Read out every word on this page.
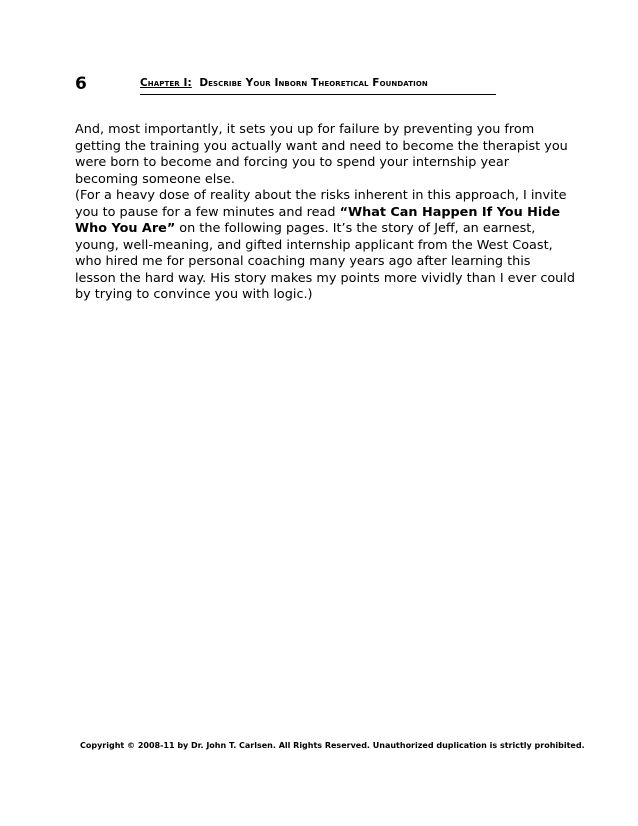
6	Chapter I: Describe Your Inborn Theoretical Foundation

And, most importantly, it sets you up for failure by preventing you from getting the training you actually want and need to become the therapist you were born to become and forcing you to spend your internship year becoming someone else.

(For a heavy dose of reality about the risks inherent in this approach, I invite you to pause for a few minutes and read “What Can Happen If You Hide Who You Are” on the following pages. It’s the story of Jeff, an earnest, young, well-meaning, and gifted internship applicant from the West Coast, who hired me for personal coaching many years ago after learning this lesson the hard way. His story makes my points more vividly than I ever could by trying to convince you with logic.)

Copyright © 2008-11 by Dr. John T. Carlsen. All Rights Reserved. Unauthorized duplication is strictly prohibited.
